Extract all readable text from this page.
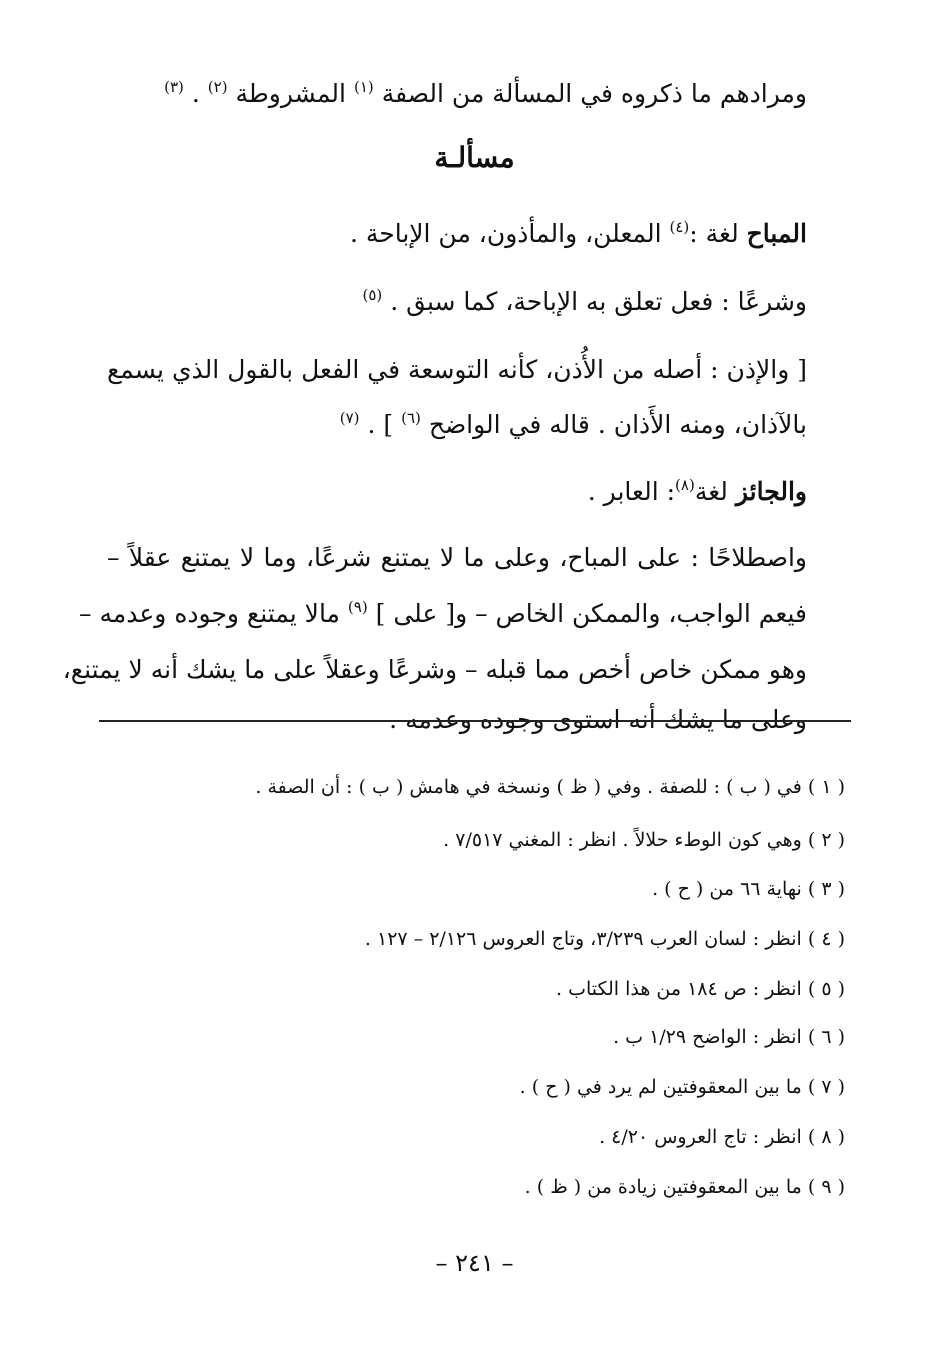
ومرادهم ما ذكروه في المسألة من الصفة $^{(١)}$ المشروطة $^{(٢)}$ . $^{(٣)}$
مسألـة
المباح لغة :$^{(٤)}$ المعلن، والمأذون، من الإباحة .
وشرعًا : فعل تعلق به الإباحة، كما سبق . $^{(٥)}$
[ والإذن : أصله من الأُذن، كأنه التوسعة في الفعل بالقول الذي يسمع
بالآذان، ومنه الأَذان . قاله في الواضح $^{(٦)}$ ] . $^{(٧)}$
والجائز لغة$^{(٨)}$: العابر .
واصطلاحًا : على المباح، وعلى ما لا يمتنع شرعًا، وما لا يمتنع عقلاً –
فيعم الواجب، والممكن الخاص – و[ على ] $^{(٩)}$ مالا يمتنع وجوده وعدمه –
وهو ممكن خاص أخص مما قبله – وشرعًا وعقلاً على ما يشك أنه لا يمتنع،
وعلى ما يشك أنه استوى وجوده وعدمه .
( ١ ) في ( ب ) : للصفة . وفي ( ظ ) ونسخة في هامش ( ب ) : أن الصفة .
( ٢ ) وهي كون الوطء حلالاً . انظر : المغني ٧/٥١٧ .
( ٣ ) نهاية ٦٦ من ( ح ) .
( ٤ ) انظر : لسان العرب ٣/٢٣٩، وتاج العروس ٢/١٢٦ – ١٢٧ .
( ٥ ) انظر : ص ١٨٤ من هذا الكتاب .
( ٦ ) انظر : الواضح ١/٢٩ ب .
( ٧ ) ما بين المعقوفتين لم يرد في ( ح ) .
( ٨ ) انظر : تاج العروس ٤/٢٠ .
( ٩ ) ما بين المعقوفتين زيادة من ( ظ ) .
– ٢٤١ –
